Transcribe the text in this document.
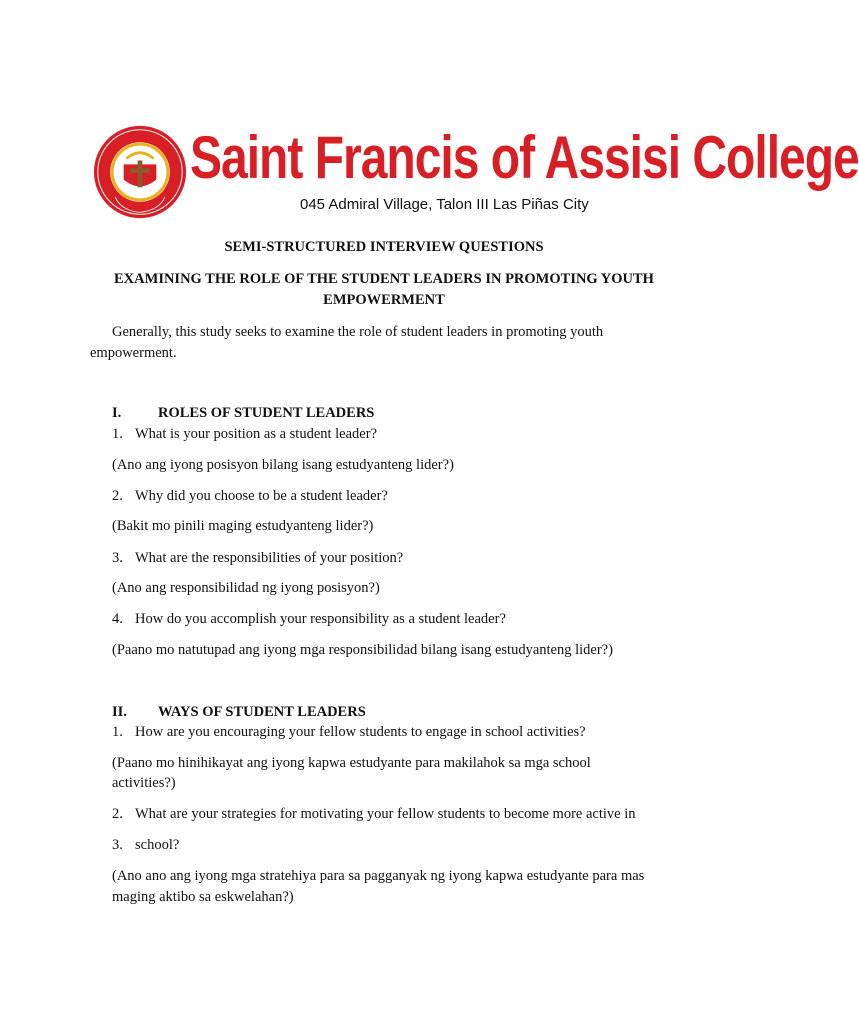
Saint Francis of Assisi College
045 Admiral Village, Talon III Las Piñas City
SEMI-STRUCTURED INTERVIEW QUESTIONS
EXAMINING THE ROLE OF THE STUDENT LEADERS IN PROMOTING YOUTH
EMPOWERMENT
Generally, this study seeks to examine the role of student leaders in promoting youth
empowerment.
I.	ROLES OF STUDENT LEADERS
1. What is your position as a student leader?
(Ano ang iyong posisyon bilang isang estudyanteng lider?)
2. Why did you choose to be a student leader?
(Bakit mo pinili maging estudyanteng lider?)
3. What are the responsibilities of your position?
(Ano ang responsibilidad ng iyong posisyon?)
4. How do you accomplish your responsibility as a student leader?
(Paano mo natutupad ang iyong mga responsibilidad bilang isang estudyanteng lider?)
II. WAYS OF STUDENT LEADERS
1. How are you encouraging your fellow students to engage in school activities?
(Paano mo hinihikayat ang iyong kapwa estudyante para makilahok sa mga school
activities?)
2. What are your strategies for motivating your fellow students to become more active in
3. school?
(Ano ano ang iyong mga stratehiya para sa pagganyak ng iyong kapwa estudyante para mas
maging aktibo sa eskwelahan?)
